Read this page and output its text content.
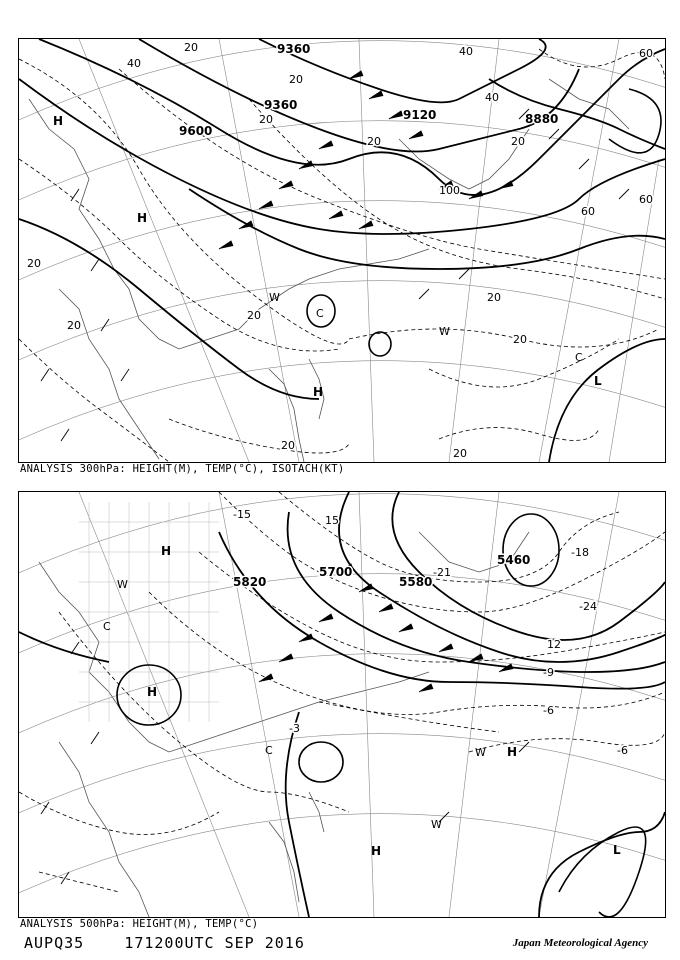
9360
9360
9120	8880
9600
40
40
40
20
20
20
20
20
20
20
20
60
60
60
100
20
20
20
20
H
H
L
H
W
W
C
C
ANALYSIS 300hPa: HEIGHT(M), TEMP(°C), ISOTACH(KT)
5700
5820
5460
5580
-15	15
-18
-21
-24
12
-9
-6
-6
-3
H
H
H
H	L
C
C
W
W
W
ANALYSIS 500hPa: HEIGHT(M), TEMP(°C)
AUPQ35	171200UTC SEP 2016	Japan Meteorological Agency
